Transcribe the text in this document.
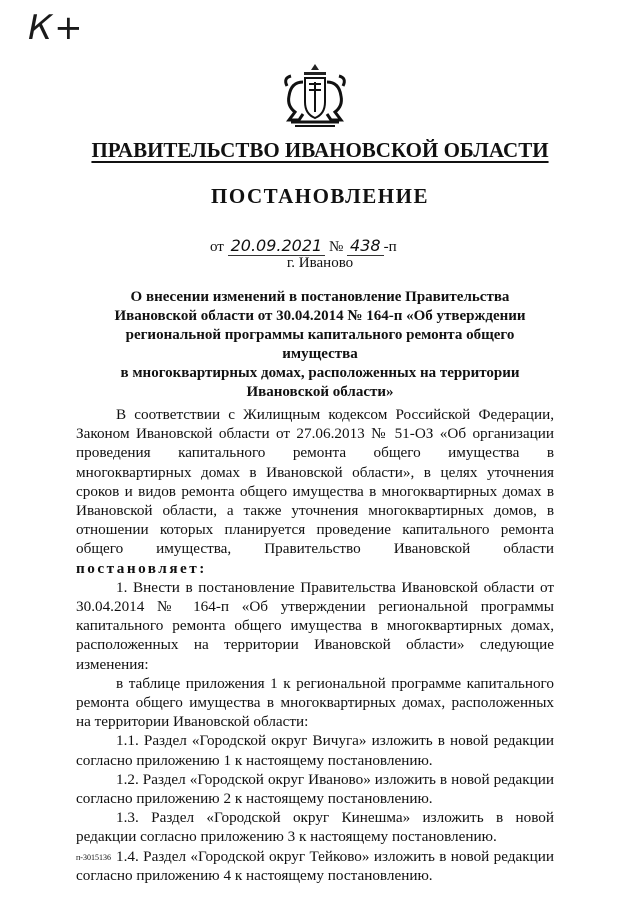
К+
ПРАВИТЕЛЬСТВО ИВАНОВСКОЙ ОБЛАСТИ
ПОСТАНОВЛЕНИЕ
от 20.09.2021 № 438 -п
г. Иваново
О внесении изменений в постановление Правительства
Ивановской области от 30.04.2014 № 164-п «Об утверждении
региональной программы капитального ремонта общего имущества
в многоквартирных домах, расположенных на территории
Ивановской области»

В соответствии с Жилищным кодексом Российской Федерации, Законом Ивановской области от 27.06.2013 № 51-ОЗ «Об организации проведения капитального ремонта общего имущества в многоквартирных домах в Ивановской области», в целях уточнения сроков и видов ремонта общего имущества в многоквартирных домах в Ивановской области, а также уточнения многоквартирных домов, в отношении которых планируется проведение капитального ремонта общего имущества, Правительство Ивановской области постановляет:

1. Внести в постановление Правительства Ивановской области от 30.04.2014 № 164-п «Об утверждении региональной программы капитального ремонта общего имущества в многоквартирных домах, расположенных на территории Ивановской области» следующие изменения:

в таблице приложения 1 к региональной программе капитального ремонта общего имущества в многоквартирных домах, расположенных на территории Ивановской области:

1.1. Раздел «Городской округ Вичуга» изложить в новой редакции согласно приложению 1 к настоящему постановлению.

1.2. Раздел «Городской округ Иваново» изложить в новой редакции согласно приложению 2 к настоящему постановлению.

1.3. Раздел «Городской округ Кинешма» изложить в новой редакции согласно приложению 3 к настоящему постановлению.

1.4. Раздел «Городской округ Тейково» изложить в новой редакции согласно приложению 4 к настоящему постановлению.

п-3015136
